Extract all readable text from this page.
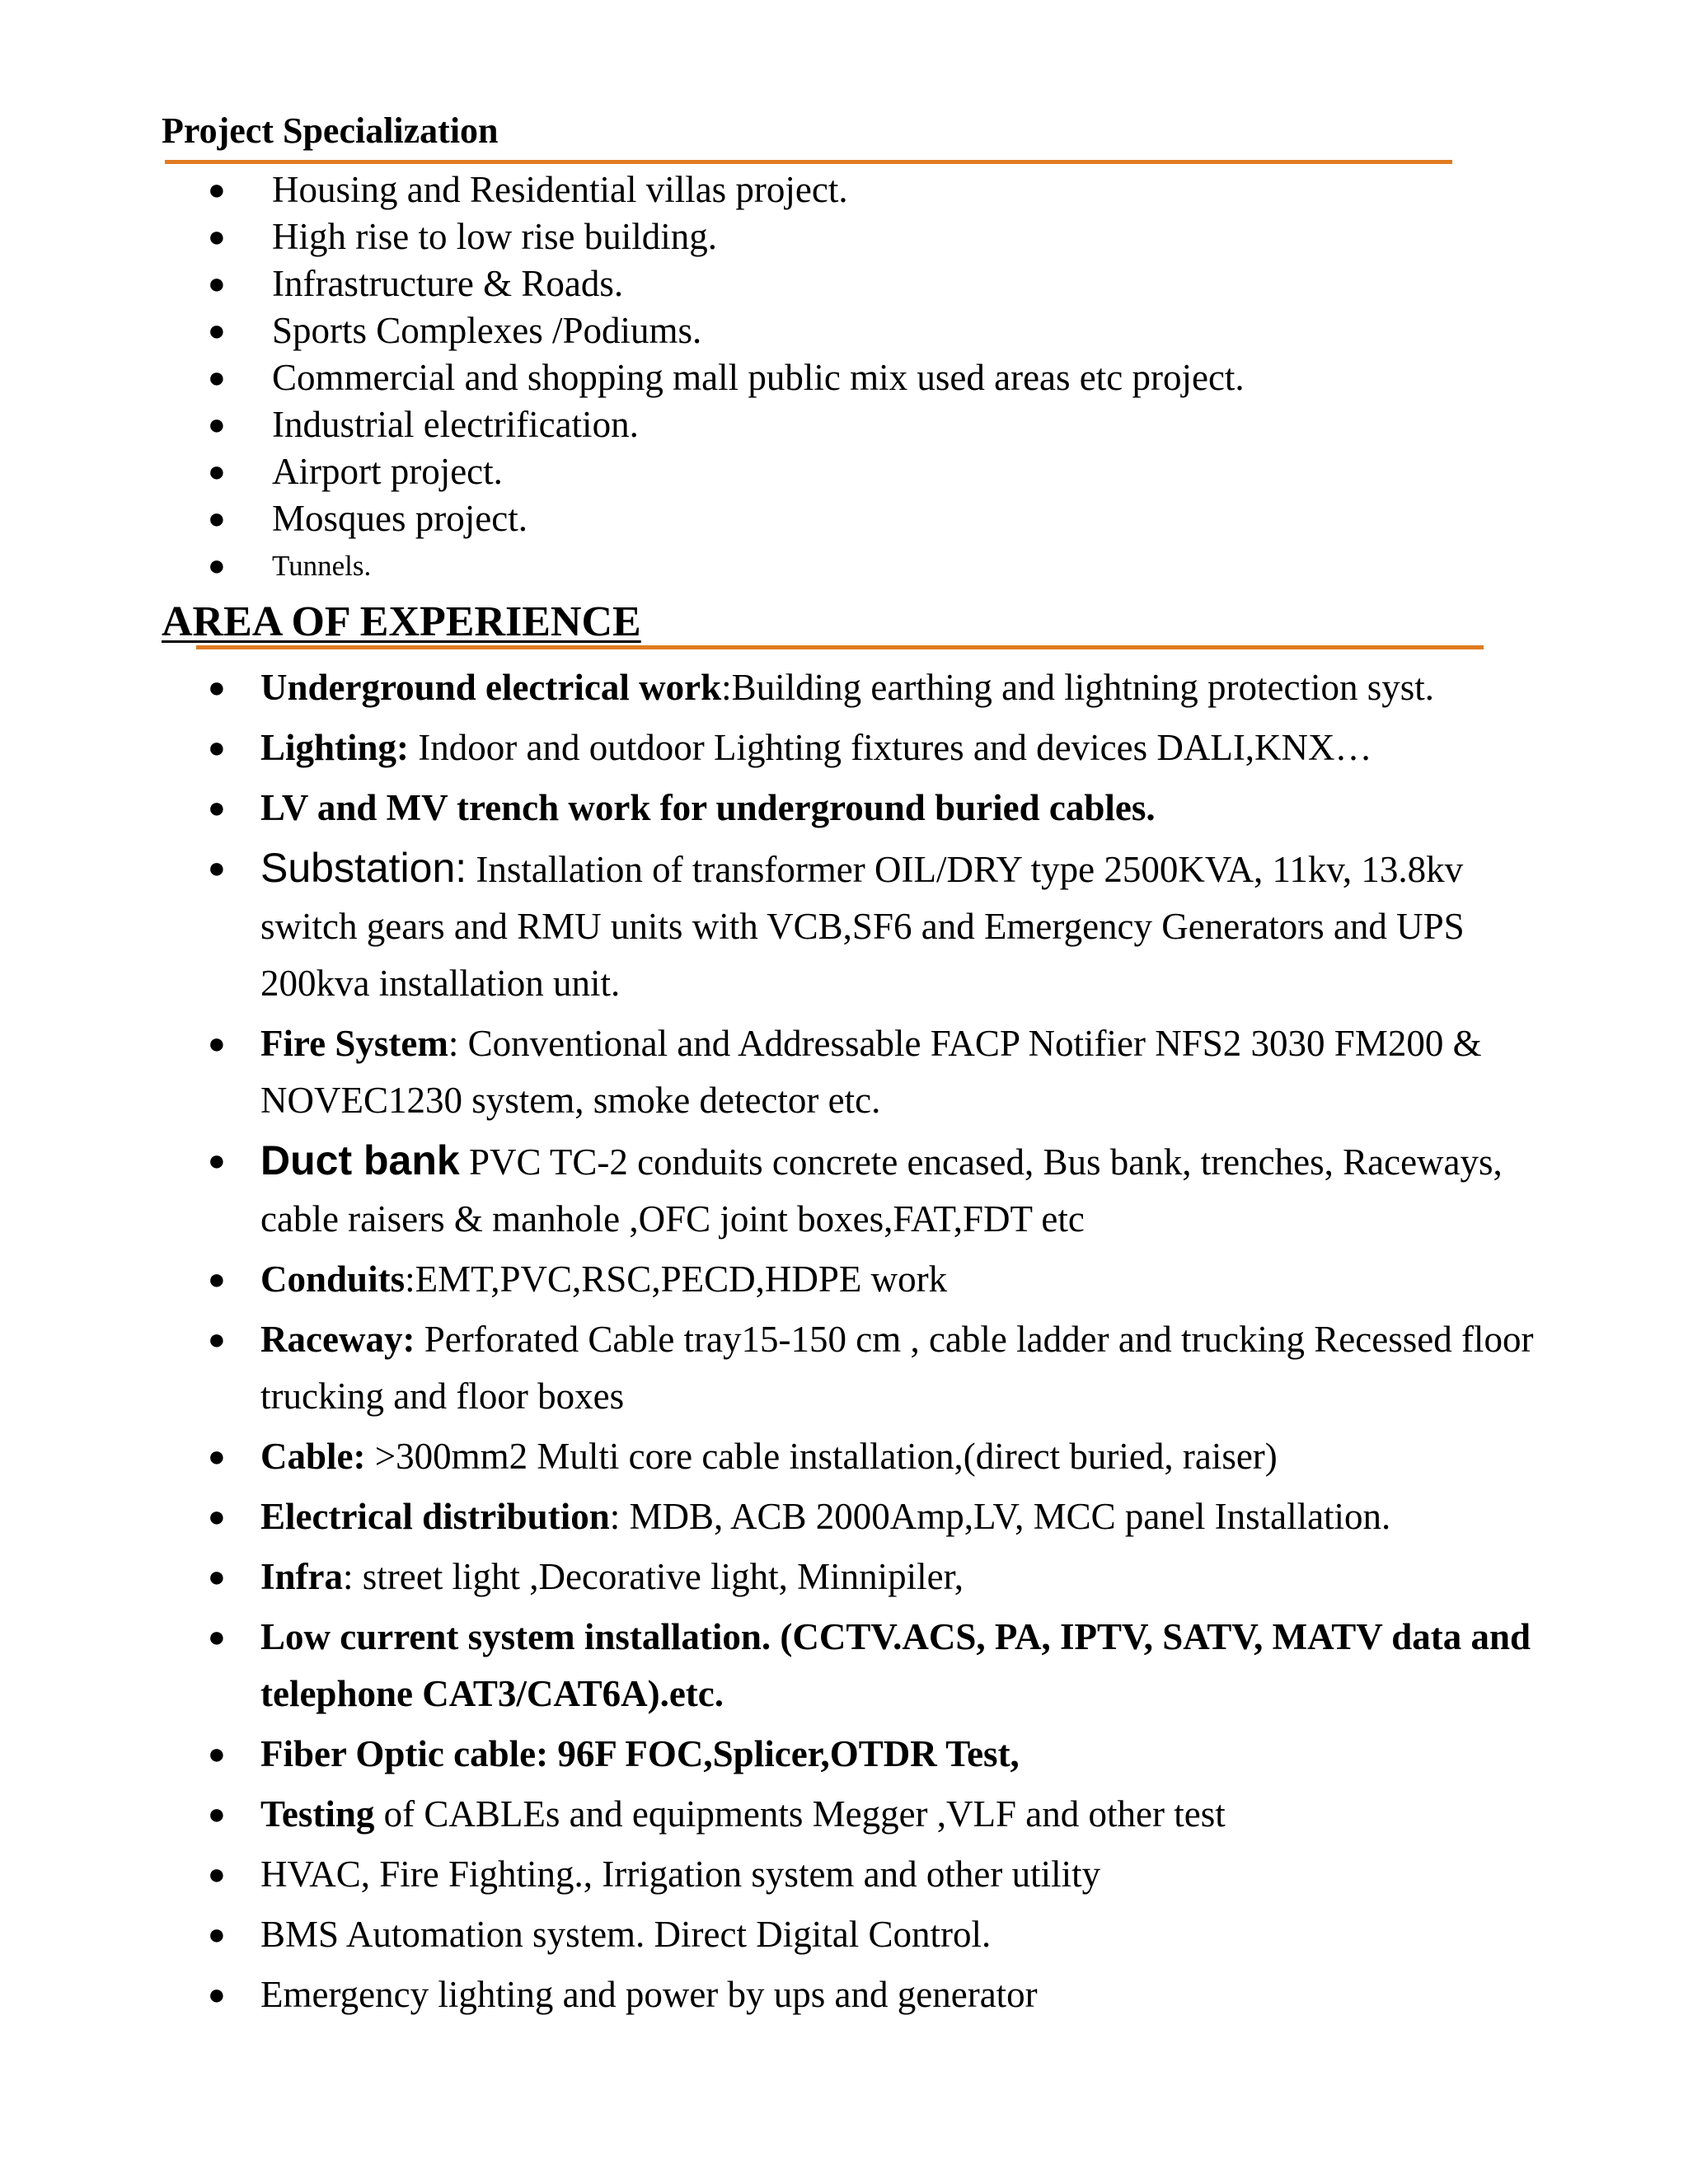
Project Specialization
● Housing and Residential villas project.
● High rise to low rise building.
● Infrastructure & Roads.
● Sports Complexes /Podiums.
● Commercial and shopping mall public mix used areas etc project.
● Industrial electrification.
● Airport project.
● Mosques project.
● Tunnels.
AREA OF EXPERIENCE
● Underground electrical work:Building earthing and lightning protection syst.
● Lighting: Indoor and outdoor Lighting fixtures and devices DALI,KNX…
● LV and MV trench work for underground buried cables.
● Substation: Installation of transformer OIL/DRY type 2500KVA, 11kv, 13.8kv switch gears and RMU units with VCB,SF6 and Emergency Generators and UPS 200kva installation unit.
● Fire System: Conventional and Addressable FACP Notifier NFS2 3030 FM200 & NOVEC1230 system, smoke detector etc.
● Duct bank PVC TC-2 conduits concrete encased, Bus bank, trenches, Raceways, cable raisers & manhole ,OFC joint boxes,FAT,FDT etc
● Conduits:EMT,PVC,RSC,PECD,HDPE work
● Raceway: Perforated Cable tray15-150 cm , cable ladder and trucking Recessed floor trucking and floor boxes
● Cable: >300mm2 Multi core cable installation,(direct buried, raiser)
● Electrical distribution: MDB, ACB 2000Amp,LV, MCC panel Installation.
● Infra: street light ,Decorative light, Minnipiler,
● Low current system installation. (CCTV.ACS, PA, IPTV, SATV, MATV data and telephone CAT3/CAT6A).etc.
● Fiber Optic cable: 96F FOC,Splicer,OTDR Test,
● Testing of CABLEs and equipments Megger ,VLF and other test
● HVAC, Fire Fighting., Irrigation system and other utility
● BMS Automation system. Direct Digital Control.
● Emergency lighting and power by ups and generator
